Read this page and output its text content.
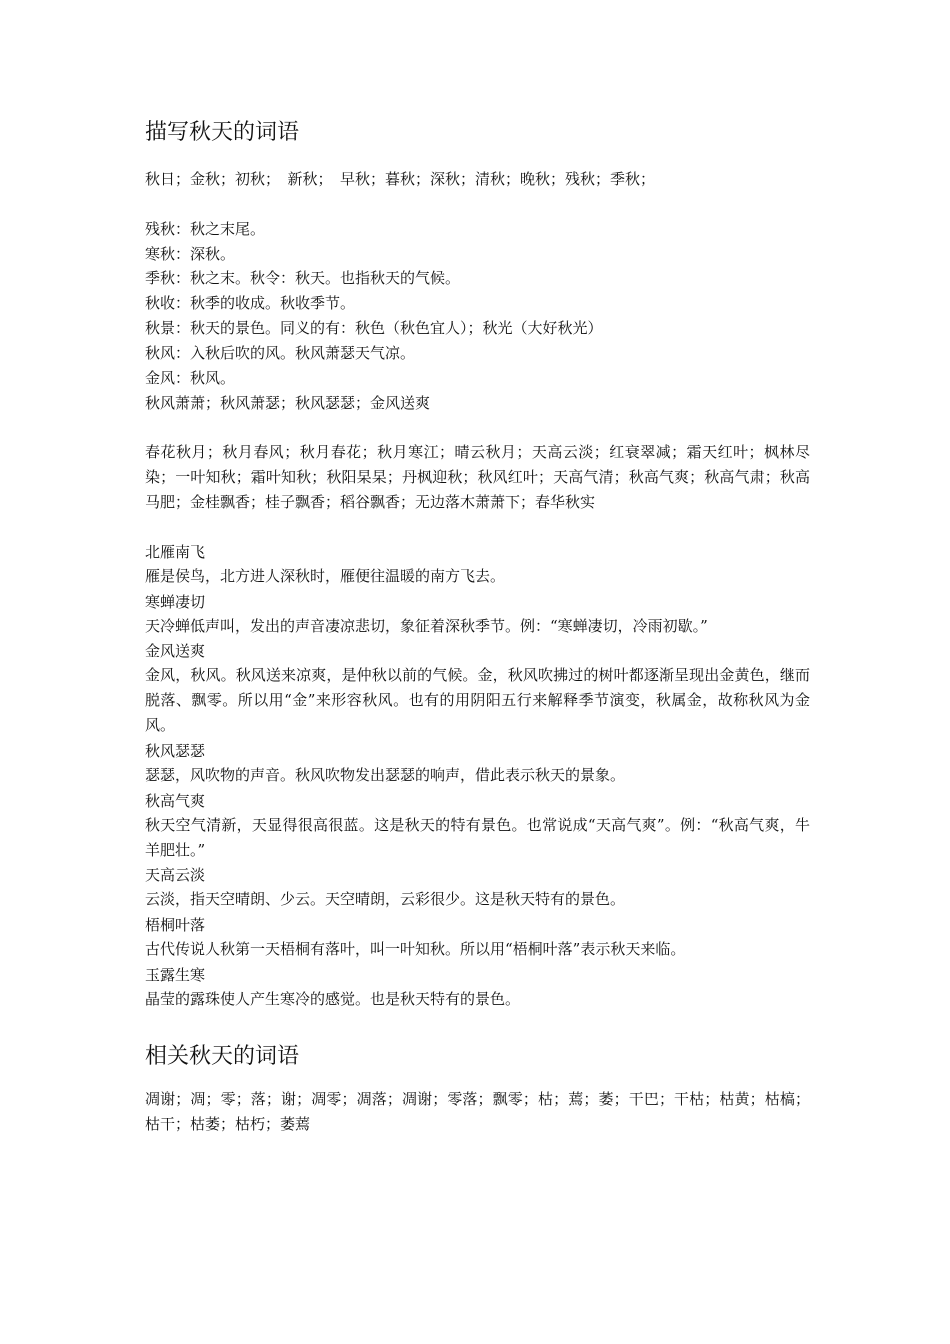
描写秋天的词语
秋日；金秋；初秋；　新秋；　早秋；暮秋；深秋；清秋；晚秋；残秋；季秋；
残秋：秋之末尾。
寒秋：深秋。
季秋：秋之末。秋令：秋天。也指秋天的气候。
秋收：秋季的收成。秋收季节。
秋景：秋天的景色。同义的有：秋色（秋色宜人）；秋光（大好秋光）
秋风：入秋后吹的风。秋风萧瑟天气凉。
金风：秋风。
秋风萧萧；秋风萧瑟；秋风瑟瑟；金风送爽
春花秋月；秋月春风；秋月春花；秋月寒江；晴云秋月；天高云淡；红衰翠减；霜天红叶；枫林尽染；一叶知秋；霜叶知秋；秋阳杲杲；丹枫迎秋；秋风红叶；天高气清；秋高气爽；秋高气肃；秋高马肥；金桂飘香；桂子飘香；稻谷飘香；无边落木萧萧下；春华秋实
北雁南飞
雁是侯鸟，北方进人深秋时，雁便往温暖的南方飞去。
寒蝉凄切
天冷蝉低声叫，发出的声音凄凉悲切，象征着深秋季节。例：“寒蝉凄切，冷雨初歇。”
金风送爽
金风，秋风。秋风送来凉爽，是仲秋以前的气候。金，秋风吹拂过的树叶都逐渐呈现出金黄色，继而脱落、飘零。所以用“金”来形容秋风。也有的用阴阳五行来解释季节演变，秋属金，故称秋风为金风。
秋风瑟瑟
瑟瑟，风吹物的声音。秋风吹物发出瑟瑟的响声，借此表示秋天的景象。
秋高气爽
秋天空气清新，天显得很高很蓝。这是秋天的特有景色。也常说成“天高气爽”。例：“秋高气爽，牛羊肥壮。”
天高云淡
云淡，指天空晴朗、少云。天空晴朗，云彩很少。这是秋天特有的景色。
梧桐叶落
古代传说人秋第一天梧桐有落叶，叫一叶知秋。所以用“梧桐叶落”表示秋天来临。
玉露生寒
晶莹的露珠使人产生寒冷的感觉。也是秋天特有的景色。
相关秋天的词语
凋谢；凋；零；落；谢；凋零；凋落；凋谢；零落；飘零；枯；蔫；萎；干巴；干枯；枯黄；枯槁；枯干；枯萎；枯朽；萎蔫
